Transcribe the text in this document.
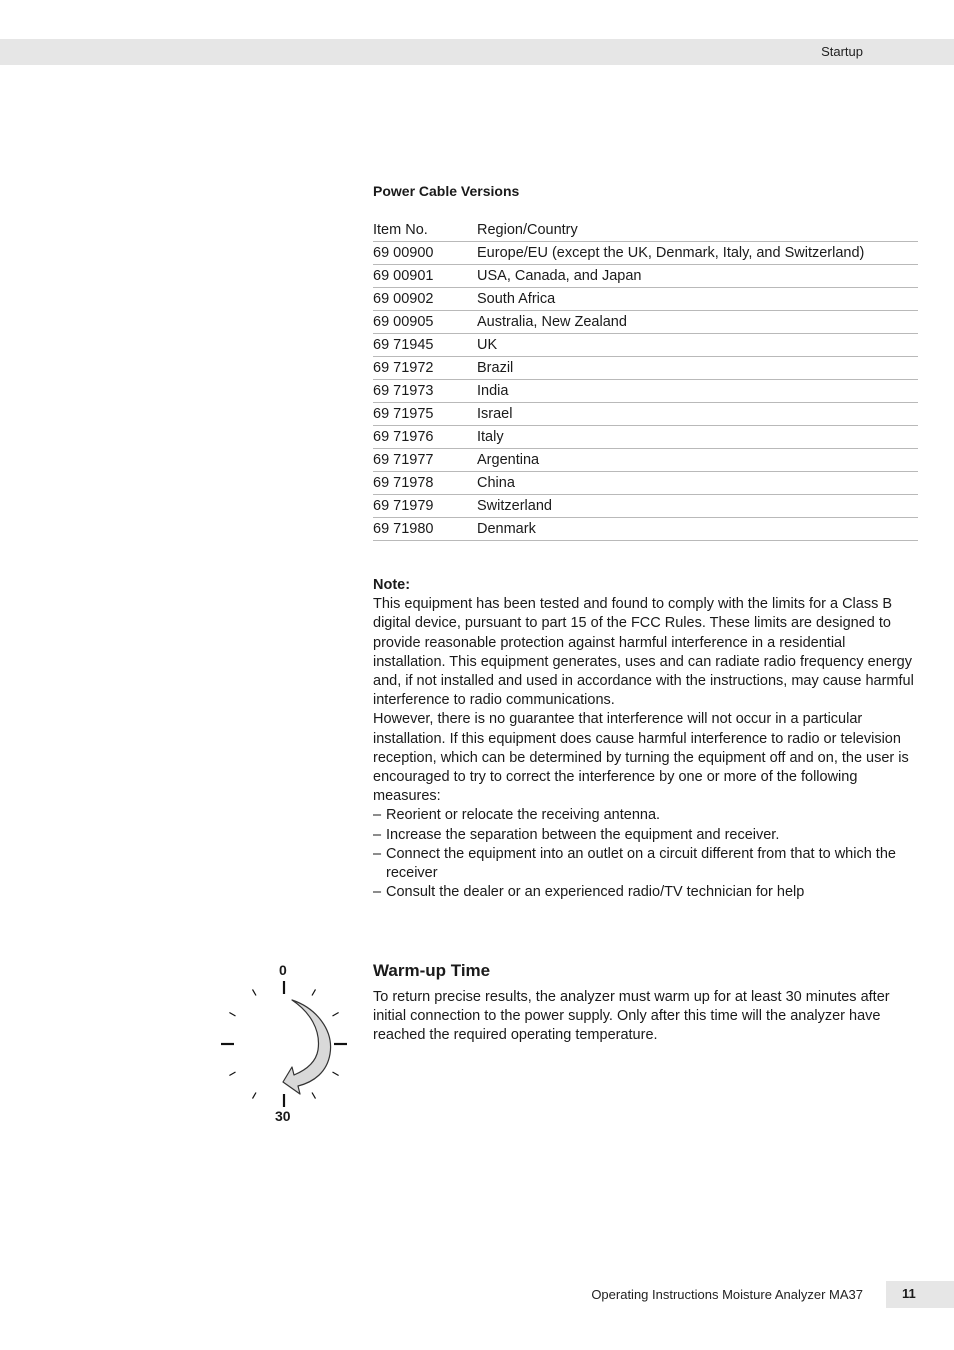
Startup
Power Cable Versions
Item No.	Region/Country
69 00900	Europe/EU (except the UK, Denmark, Italy, and Switzerland)
69 00901	USA, Canada, and Japan
69 00902	South Africa
69 00905	Australia, New Zealand
69 71945	UK
69 71972	Brazil
69 71973	India
69 71975	Israel
69 71976	Italy
69 71977	Argentina
69 71978	China
69 71979	Switzerland
69 71980	Denmark
Note:

This equipment has been tested and found to comply with the limits for a Class B digital device, pursuant to part 15 of the FCC Rules. These limits are designed to provide reasonable protection against harmful interference in a residential installation. This equipment generates, uses and can radiate radio frequency energy and, if not installed and used in accordance with the instructions, may cause harmful interference to radio communications.

However, there is no guarantee that interference will not occur in a particular installation. If this equipment does cause harmful interference to radio or television reception, which can be determined by turning the equipment off and on, the user is encouraged to try to correct the interference by one or more of the following measures:

– Reorient or relocate the receiving antenna.
– Increase the separation between the equipment and receiver.
– Connect the equipment into an outlet on a circuit different from that to which the receiver
– Consult the dealer or an experienced radio/TV technician for help
0
30
Warm-up Time

To return precise results, the analyzer must warm up for at least 30 minutes after initial connection to the power supply. Only after this time will the analyzer have reached the required operating temperature.

Operating Instructions Moisture Analyzer MA37	11
